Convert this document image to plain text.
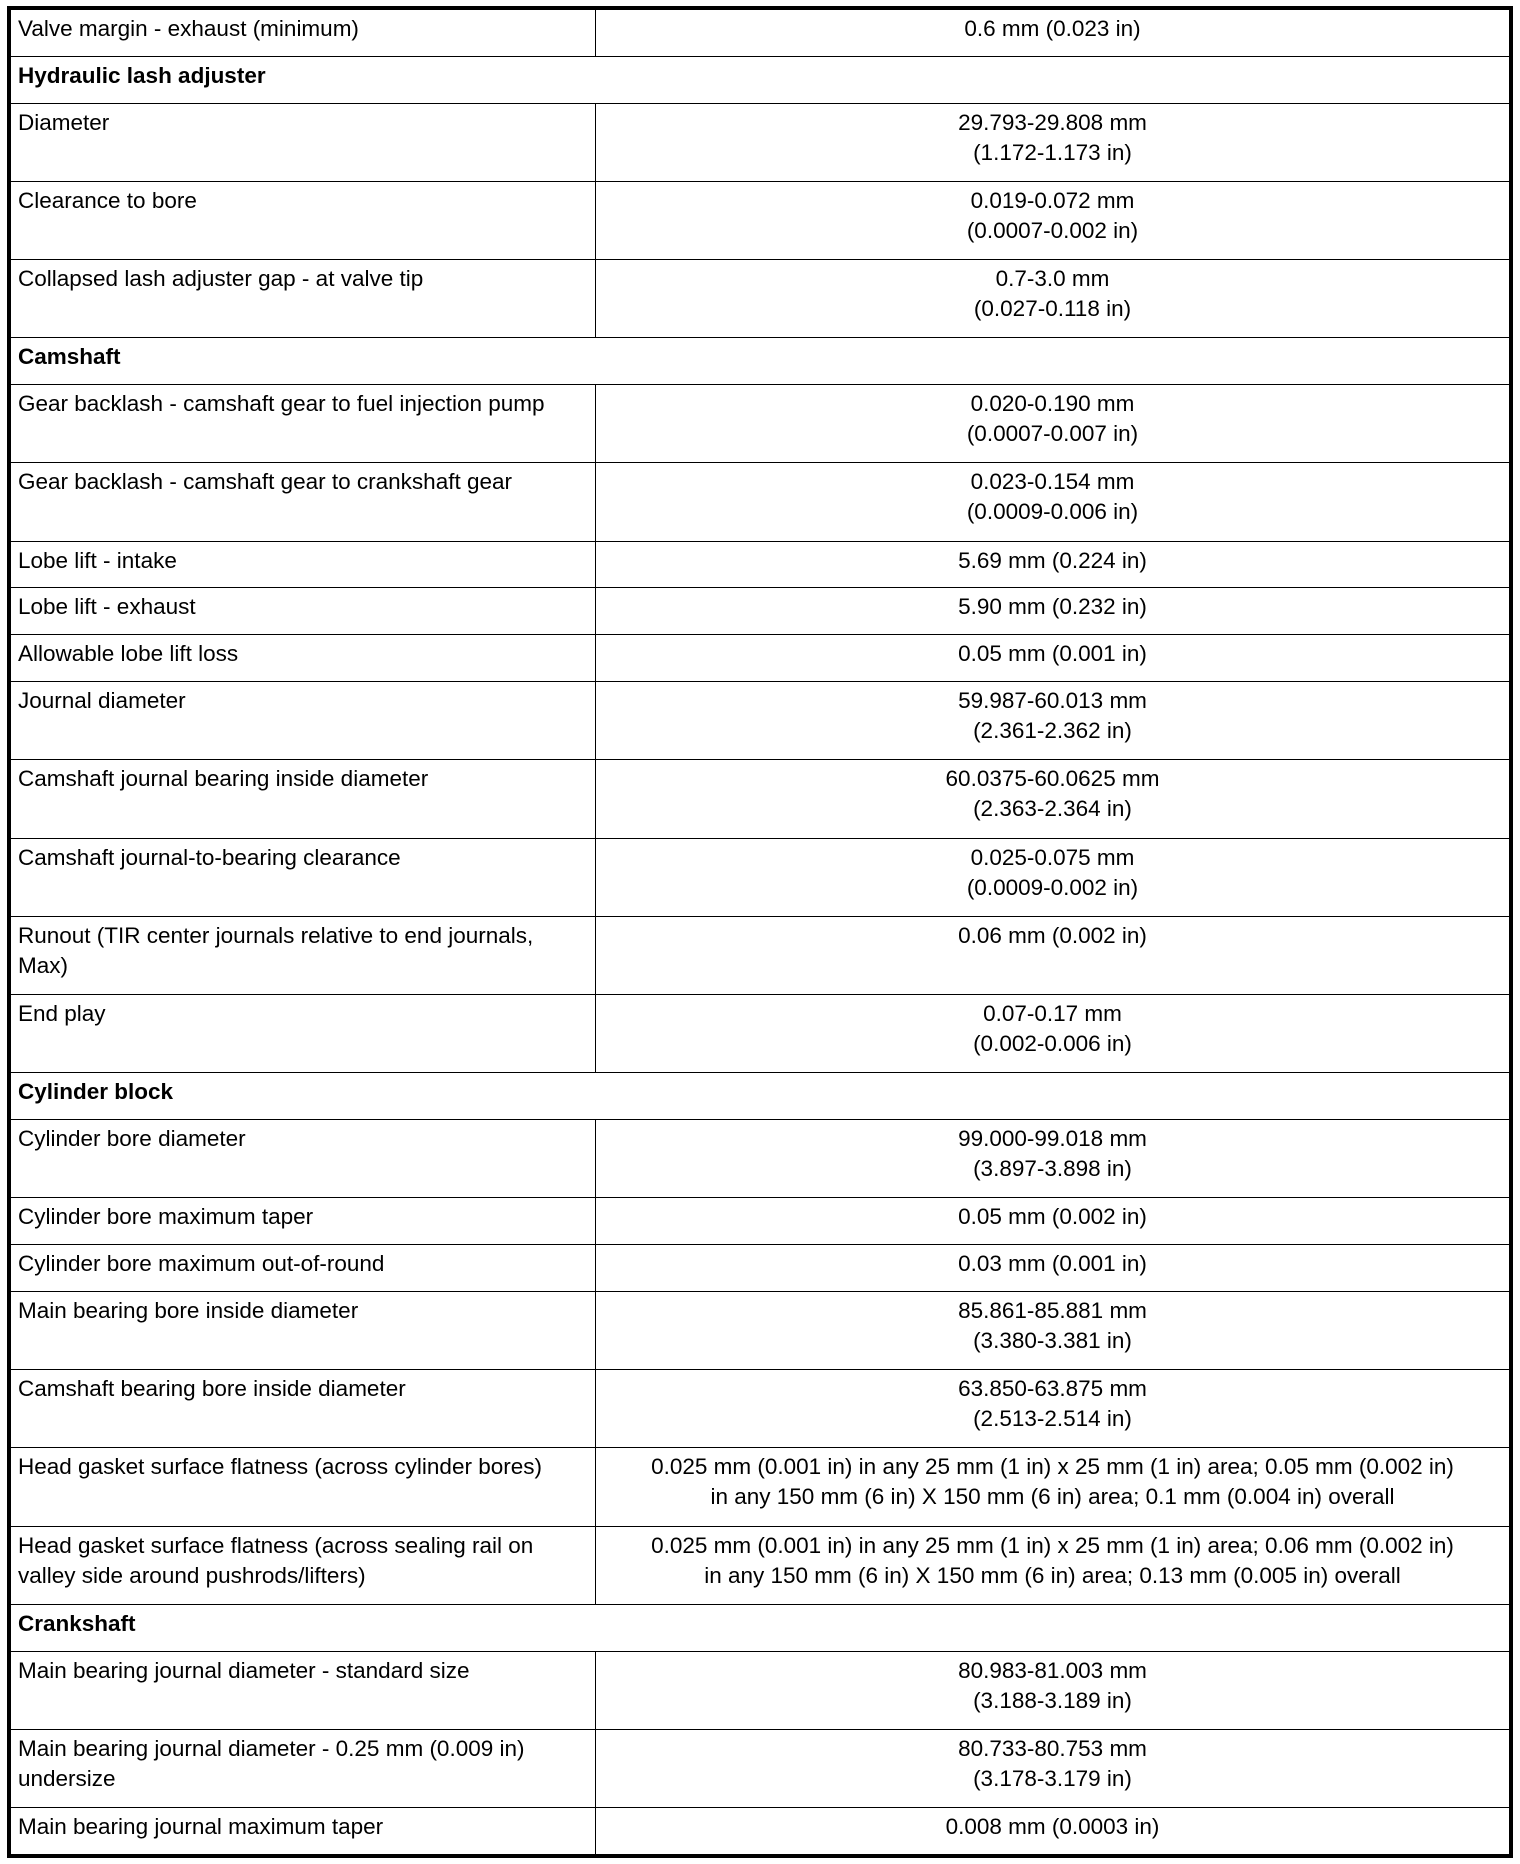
Valve margin - exhaust (minimum)	0.6 mm (0.023 in)

Hydraulic lash adjuster	
Diameter	29.793-29.808 mm
(1.172-1.173 in)

Clearance to bore	0.019-0.072 mm
(0.0007-0.002 in)

Collapsed lash adjuster gap - at valve tip	0.7-3.0 mm
(0.027-0.118 in)

Camshaft	
Gear backlash - camshaft gear to fuel injection pump	0.020-0.190 mm
(0.0007-0.007 in)

Gear backlash - camshaft gear to crankshaft gear	0.023-0.154 mm
(0.0009-0.006 in)

Lobe lift - intake	5.69 mm (0.224 in)

Lobe lift - exhaust	5.90 mm (0.232 in)

Allowable lobe lift loss	0.05 mm (0.001 in)

Journal diameter	59.987-60.013 mm
(2.361-2.362 in)

Camshaft journal bearing inside diameter	60.0375-60.0625 mm
(2.363-2.364 in)

Camshaft journal-to-bearing clearance	0.025-0.075 mm
(0.0009-0.002 in)

Runout (TIR center journals relative to end journals, Max)	0.06 mm (0.002 in)

End play	0.07-0.17 mm
(0.002-0.006 in)

Cylinder block	
Cylinder bore diameter	99.000-99.018 mm
(3.897-3.898 in)

Cylinder bore maximum taper	0.05 mm (0.002 in)

Cylinder bore maximum out-of-round	0.03 mm (0.001 in)

Main bearing bore inside diameter	85.861-85.881 mm
(3.380-3.381 in)

Camshaft bearing bore inside diameter	63.850-63.875 mm
(2.513-2.514 in)

Head gasket surface flatness (across cylinder bores)	0.025 mm (0.001 in) in any 25 mm (1 in) x 25 mm (1 in) area; 0.05 mm (0.002 in)
in any 150 mm (6 in) X 150 mm (6 in) area; 0.1 mm (0.004 in) overall

Head gasket surface flatness (across sealing rail on valley side around pushrods/lifters)	0.025 mm (0.001 in) in any 25 mm (1 in) x 25 mm (1 in) area; 0.06 mm (0.002 in)
in any 150 mm (6 in) X 150 mm (6 in) area; 0.13 mm (0.005 in) overall

Crankshaft	
Main bearing journal diameter - standard size	80.983-81.003 mm
(3.188-3.189 in)

Main bearing journal diameter - 0.25 mm (0.009 in) undersize	80.733-80.753 mm
(3.178-3.179 in)

Main bearing journal maximum taper	0.008 mm (0.0003 in)
